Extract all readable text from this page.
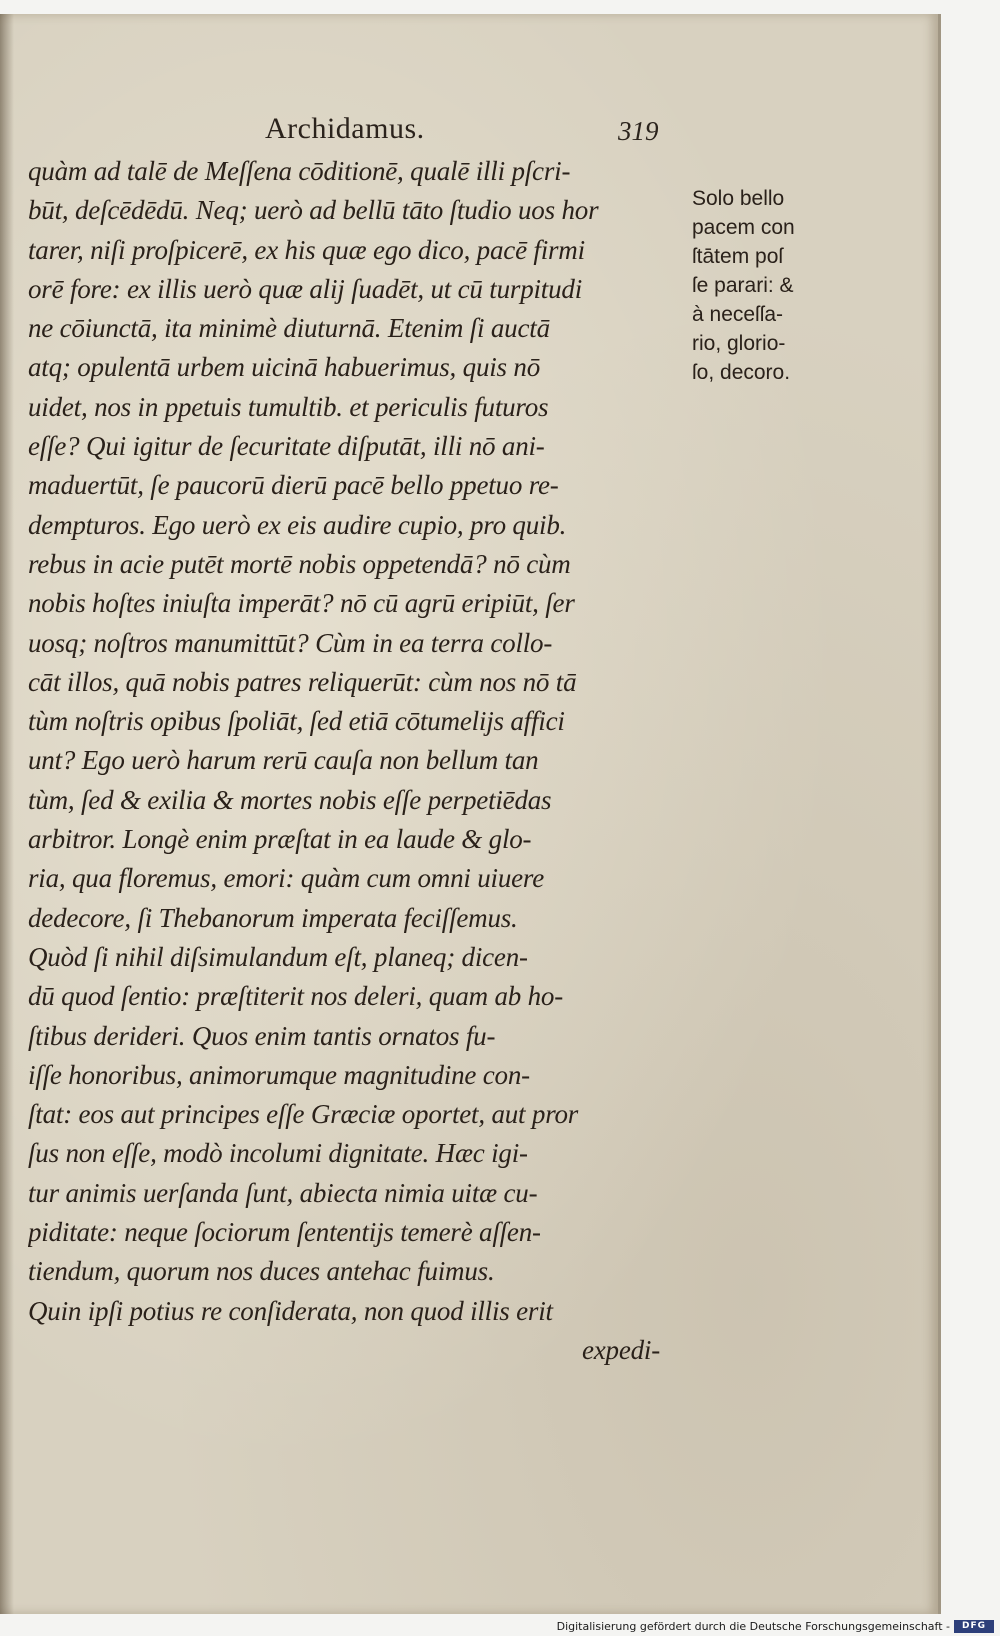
Archidamus.	319
quàm ad talē de Meſſena cōditionē, qualē illi pſcri-
būt, deſcēdēdū. Neq; uerò ad bellū tāto ſtudio uos hor
tarer, niſi proſpicerē, ex his quæ ego dico, pacē firmi
orē fore: ex illis uerò quæ alij ſuadēt, ut cū turpitudi
ne cōiunctā, ita minimè diuturnā. Etenim ſi auctā
atq; opulentā urbem uicinā habuerimus, quis nō
uidet, nos in ppetuis tumultib. et periculis futuros
eſſe? Qui igitur de ſecuritate diſputāt, illi nō ani-
maduertūt, ſe paucorū dierū pacē bello ppetuo re-
dempturos. Ego uerò ex eis audire cupio, pro quib.
rebus in acie putēt mortē nobis oppetendā? nō cùm
nobis hoſtes iniuſta imperāt? nō cū agrū eripiūt, ſer
uosq; noſtros manumittūt? Cùm in ea terra collo-
cāt illos, quā nobis patres reliquerūt: cùm nos nō tā
tùm noſtris opibus ſpoliāt, ſed etiā cōtumelijs affici
unt? Ego uerò harum rerū cauſa non bellum tan
tùm, ſed & exilia & mortes nobis eſſe perpetiēdas
arbitror. Longè enim præſtat in ea laude & glo-
ria, qua floremus, emori: quàm cum omni uiuere
dedecore, ſi Thebanorum imperata feciſſemus.
Quòd ſi nihil diſsimulandum eſt, planeq; dicen-
dū quod ſentio: præſtiterit nos deleri, quam ab ho-
ſtibus derideri. Quos enim tantis ornatos fu-
iſſe honoribus, animorumque magnitudine con-
ſtat: eos aut principes eſſe Græciæ oportet, aut pror
ſus non eſſe, modò incolumi dignitate. Hæc igi-
tur animis uerſanda ſunt, abiecta nimia uitæ cu-
piditate: neque ſociorum ſententijs temerè aſſen-
tiendum, quorum nos duces antehac fuimus.
Quin ipſi potius re conſiderata, non quod illis erit
expedi-
Solo bello
pacem con
ſtātem poſ
ſe parari: &
à neceſſa-
rio, glorio-
ſo, decoro.
Digitalisierung gefördert durch die Deutsche Forschungsgemeinschaft -	DFG
